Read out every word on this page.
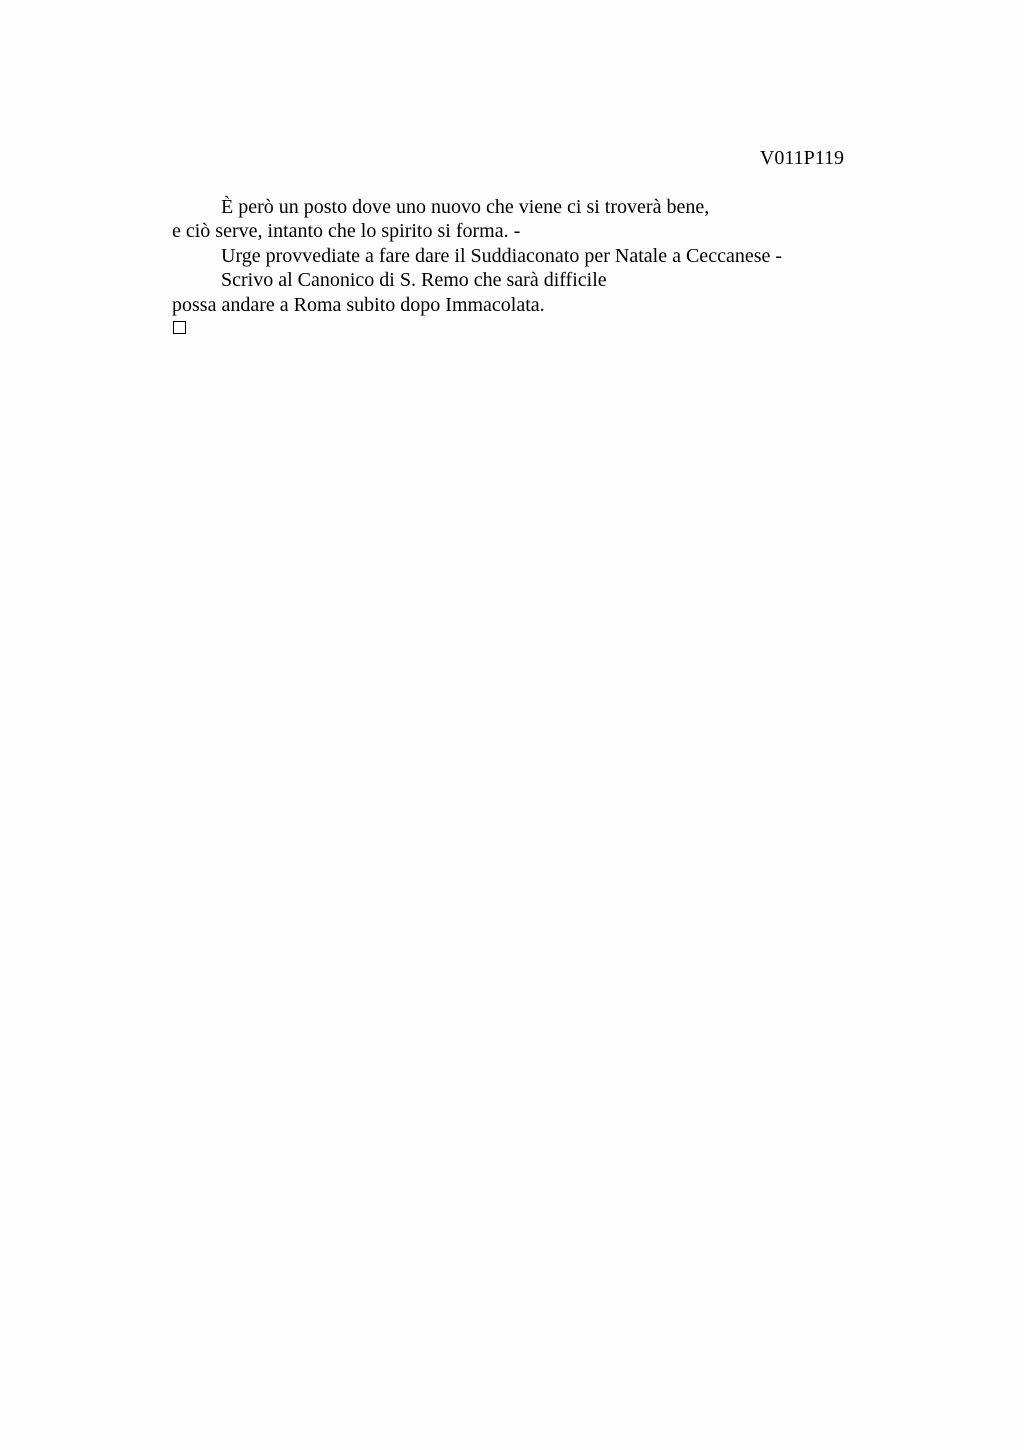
V011P119

È però un posto dove uno nuovo che viene ci si troverà bene,

e ciò serve, intanto che lo spirito si forma. -

Urge provvediate a fare dare il Suddiaconato per Natale a Ceccanese -

Scrivo al Canonico di S. Remo che sarà difficile

possa andare a Roma subito dopo Immacolata.
